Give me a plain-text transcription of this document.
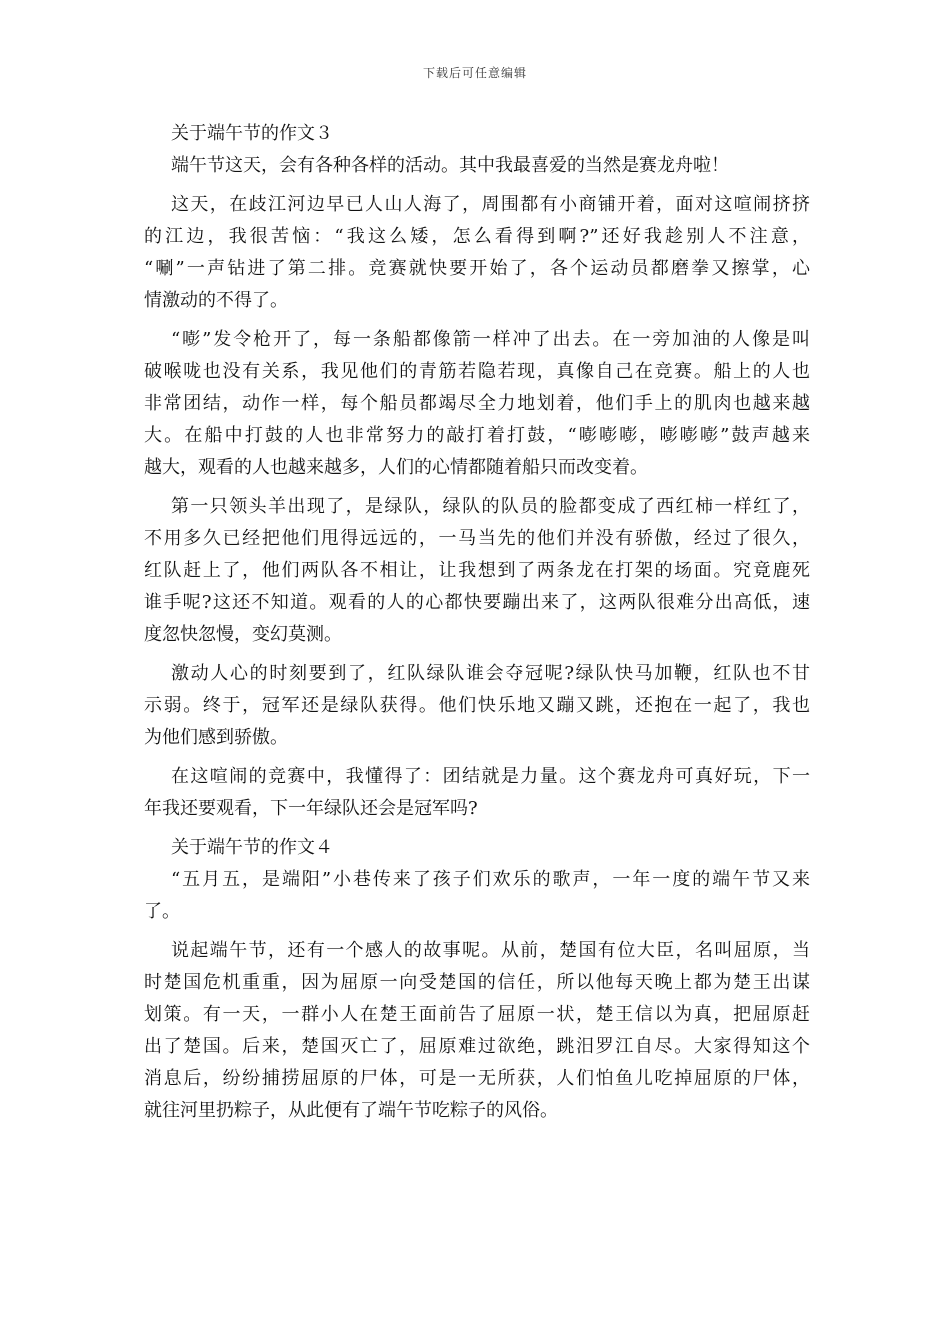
下载后可任意编辑
关于端午节的作文３

端午节这天，会有各种各样的活动。其中我最喜爱的当然是赛龙舟啦！

这天，在歧江河边早已人山人海了，周围都有小商铺开着，面对这喧闹挤挤

的江边，我很苦恼：“我这么矮，怎么看得到啊?”还好我趁别人不注意，

“唰”一声钻进了第二排。竞赛就快要开始了，各个运动员都磨拳又擦掌，心

情激动的不得了。

“嘭”发令枪开了，每一条船都像箭一样冲了出去。在一旁加油的人像是叫

破喉咙也没有关系，我见他们的青筋若隐若现，真像自己在竞赛。船上的人也

非常团结，动作一样，每个船员都竭尽全力地划着，他们手上的肌肉也越来越

大。在船中打鼓的人也非常努力的敲打着打鼓，“嘭嘭嘭，嘭嘭嘭”鼓声越来

越大，观看的人也越来越多，人们的心情都随着船只而改变着。

第一只领头羊出现了，是绿队，绿队的队员的脸都变成了西红柿一样红了，

不用多久已经把他们甩得远远的，一马当先的他们并没有骄傲，经过了很久，

红队赶上了，他们两队各不相让，让我想到了两条龙在打架的场面。究竟鹿死

谁手呢?这还不知道。观看的人的心都快要蹦出来了，这两队很难分出高低，速

度忽快忽慢，变幻莫测。

激动人心的时刻要到了，红队绿队谁会夺冠呢?绿队快马加鞭，红队也不甘

示弱。终于，冠军还是绿队获得。他们快乐地又蹦又跳，还抱在一起了，我也

为他们感到骄傲。

在这喧闹的竞赛中，我懂得了：团结就是力量。这个赛龙舟可真好玩，下一

年我还要观看，下一年绿队还会是冠军吗?

关于端午节的作文４

“五月五，是端阳”小巷传来了孩子们欢乐的歌声，一年一度的端午节又来

了。

说起端午节，还有一个感人的故事呢。从前，楚国有位大臣，名叫屈原，当

时楚国危机重重，因为屈原一向受楚国的信任，所以他每天晚上都为楚王出谋

划策。有一天，一群小人在楚王面前告了屈原一状，楚王信以为真，把屈原赶

出了楚国。后来，楚国灭亡了，屈原难过欲绝，跳汨罗江自尽。大家得知这个

消息后，纷纷捕捞屈原的尸体，可是一无所获，人们怕鱼儿吃掉屈原的尸体，

就往河里扔粽子，从此便有了端午节吃粽子的风俗。
